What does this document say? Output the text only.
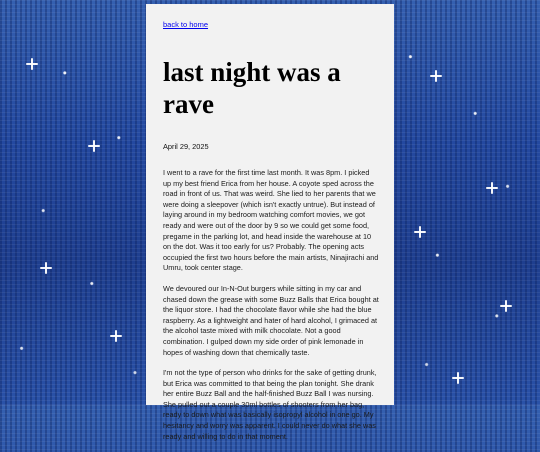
back to home
last night was a rave
April 29, 2025

I went to a rave for the first time last month. It was 8pm. I picked up my best friend Erica from her house. A coyote sped across the road in front of us. That was weird. She lied to her parents that we were doing a sleepover (which isn't exactly untrue). But instead of laying around in my bedroom watching comfort movies, we got ready and were out of the door by 9 so we could get some food, pregame in the parking lot, and head inside the warehouse at 10 on the dot. Was it too early for us? Probably. The opening acts occupied the first two hours before the main artists, Ninajirachi and Umru, took center stage.

We devoured our In-N-Out burgers while sitting in my car and chased down the grease with some Buzz Balls that Erica bought at the liquor store. I had the chocolate flavor while she had the blue raspberry. As a lightweight and hater of hard alcohol, I grimaced at the alcohol taste mixed with milk chocolate. Not a good combination. I gulped down my side order of pink lemonade in hopes of washing down that chemically taste.

I'm not the type of person who drinks for the sake of getting drunk, but Erica was committed to that being the plan tonight. She drank her entire Buzz Ball and the half-finished Buzz Ball I was nursing. She pulled out a couple 30ml bottles of shooters from her bag, ready to down what was basically isopropyl alcohol in one go. My hesitancy and worry was apparent. I could never do what she was ready and willing to do in that moment.
